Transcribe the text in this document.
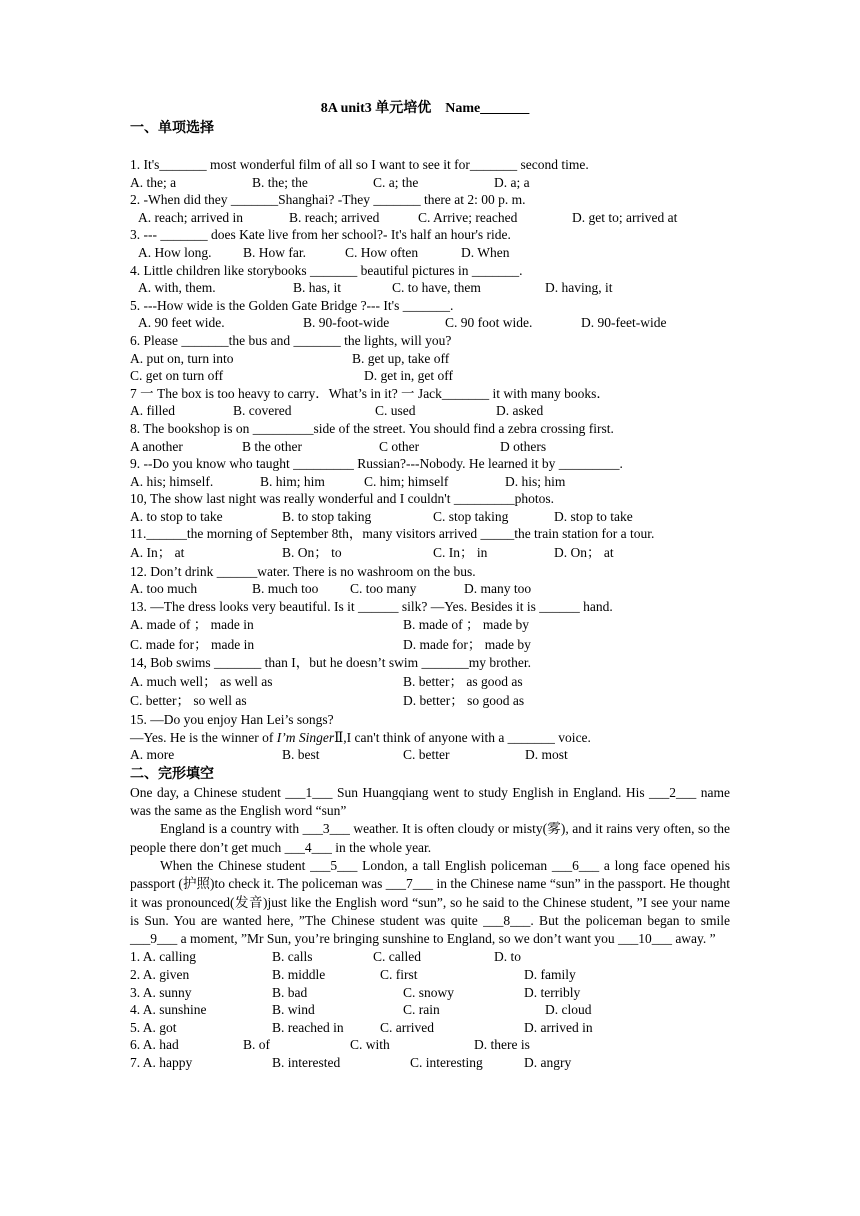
8A unit3 单元培优 Name_______
一、单项选择
1. It's_______ most wonderful film of all so I want to see it for_______ second time.
A. the; a	B. the; the	C. a; the	D. a; a
2. -When did they _______Shanghai? -They _______ there at 2: 00 p. m.
A. reach; arrived in	B. reach; arrived	C. Arrive; reached	D. get to; arrived at
3. --- _______ does Kate live from her school?- It's half an hour's ride.
A. How long. B. How far.	C. How often	D. When
4. Little children like storybooks _______ beautiful pictures in _______.
A. with, them.	B. has, it	C. to have, them	D. having, it
5. ---How wide is the Golden Gate Bridge ?--- It's _______.
A. 90 feet wide.	B. 90-foot-wide	C. 90 foot wide.	D. 90-feet-wide
6. Please _______the bus and _______ the lights, will you?
A. put on, turn into	B. get up, take off
C. get on turn off	D. get in, get off
7 一 The box is too heavy to carry．What’s in it? 一 Jack_______ it with many books．
A. filled	B. covered	C. used	D. asked
8. The bookshop is on _________side of the street. You should find a zebra crossing first.
A another	B the other	C other	D others
9. --Do you know who taught _________ Russian?---Nobody. He learned it by _________.
A. his; himself.	B. him; him	C. him; himself	D. his; him
10, The show last night was really wonderful and I couldn't _________photos.
A. to stop to take	B. to stop taking	C. stop taking	D. stop to take
11.______the morning of September 8th，many visitors arrived _____the train station for a tour.
A. In； at	B. On； to	C. In； in	D. On； at
12. Don’t drink ______water. There is no washroom on the bus.
A. too much	B. much too C. too many	D. many too
13. —The dress looks very beautiful. Is it ______ silk? —Yes. Besides it is ______ hand.
A. made of ； made in	B. made of ； made by
C. made for； made in	D. made for； made by
14, Bob swims _______ than I，but he doesn’t swim _______my brother.
A. much well； as well as	B. better； as good as
C. better； so well as	D. better； so good as
15. —Do you enjoy Han Lei’s songs?
—Yes. He is the winner of I’m SingerⅡ,I can't think of anyone with a _______ voice.
A. more	B. best	C. better	D. most
二、完形填空
One day, a Chinese student ___1___ Sun Huangqiang went to study English in England. His ___2___ name was the same as the English word “sun”
England is a country with ___3___ weather. It is often cloudy or misty(雾), and it rains very often, so the people there don’t get much ___4___ in the whole year.
When the Chinese student ___5___ London, a tall English policeman ___6___ a long face opened his passport (护照)to check it. The policeman was ___7___ in the Chinese name “sun” in the passport. He thought it was pronounced(发音)just like the English word “sun”, so he said to the Chinese student, ”I see your name is Sun. You are wanted here, ”The Chinese student was quite ___8___. But the policeman began to smile ___9___ a moment, ”Mr Sun, you’re bringing sunshine to England, so we don’t want you ___10___ away. ”
1. A. calling	B. calls	C. called	D. to
2. A. given	B. middle	C. first	D. family
3. A. sunny	B. bad	C. snowy	D. terribly
4. A. sunshine	B. wind	C. rain	D. cloud
5. A. got	B. reached in	C. arrived	D. arrived in
6. A. had	B. of	C. with	D. there is
7. A. happy	B. interested	C. interesting	D. angry
